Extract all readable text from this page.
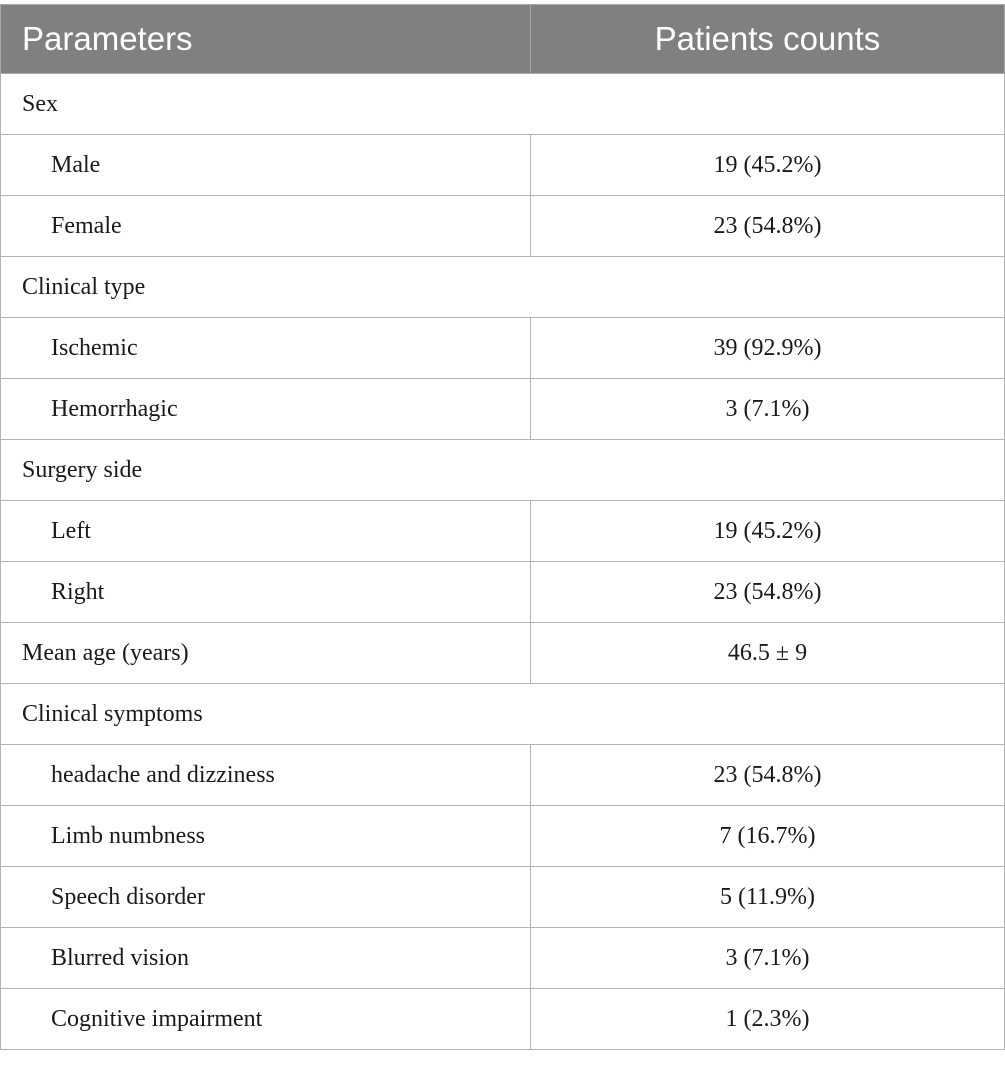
Parameters	Patients counts
Sex	
Male	19 (45.2%)
Female	23 (54.8%)
Clinical type	
Ischemic	39 (92.9%)
Hemorrhagic	3 (7.1%)
Surgery side	
Left	19 (45.2%)
Right	23 (54.8%)
Mean age (years)	46.5 ± 9
Clinical symptoms	
headache and dizziness	23 (54.8%)
Limb numbness	7 (16.7%)
Speech disorder	5 (11.9%)
Blurred vision	3 (7.1%)
Cognitive impairment	1 (2.3%)
